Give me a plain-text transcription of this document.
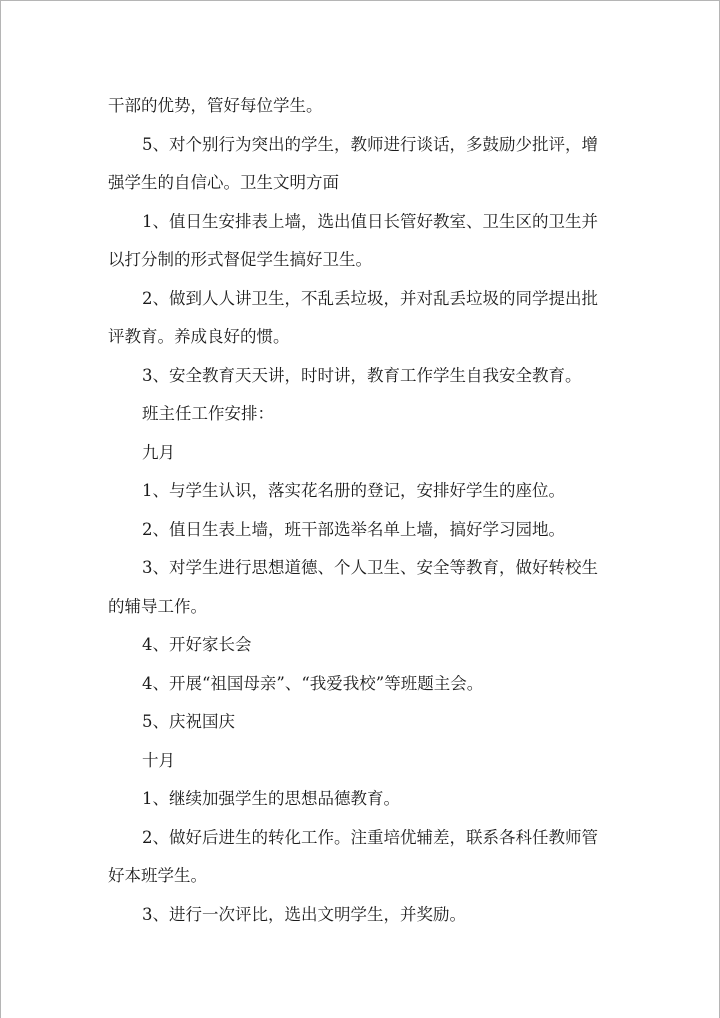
干部的优势，管好每位学生。

5、对个别行为突出的学生，教师进行谈话，多鼓励少批评，增

强学生的自信心。卫生文明方面

1、值日生安排表上墙，选出值日长管好教室、卫生区的卫生并

以打分制的形式督促学生搞好卫生。

2、做到人人讲卫生，不乱丢垃圾，并对乱丢垃圾的同学提出批

评教育。养成良好的惯。

3、安全教育天天讲，时时讲，教育工作学生自我安全教育。

班主任工作安排：

九月

1、与学生认识，落实花名册的登记，安排好学生的座位。

2、值日生表上墙，班干部选举名单上墙，搞好学习园地。

3、对学生进行思想道德、个人卫生、安全等教育，做好转校生

的辅导工作。

4、开好家长会

4、开展“祖国母亲”、“我爱我校”等班题主会。

5、庆祝国庆

十月

1、继续加强学生的思想品德教育。

2、做好后进生的转化工作。注重培优辅差，联系各科任教师管

好本班学生。

3、进行一次评比，选出文明学生，并奖励。
